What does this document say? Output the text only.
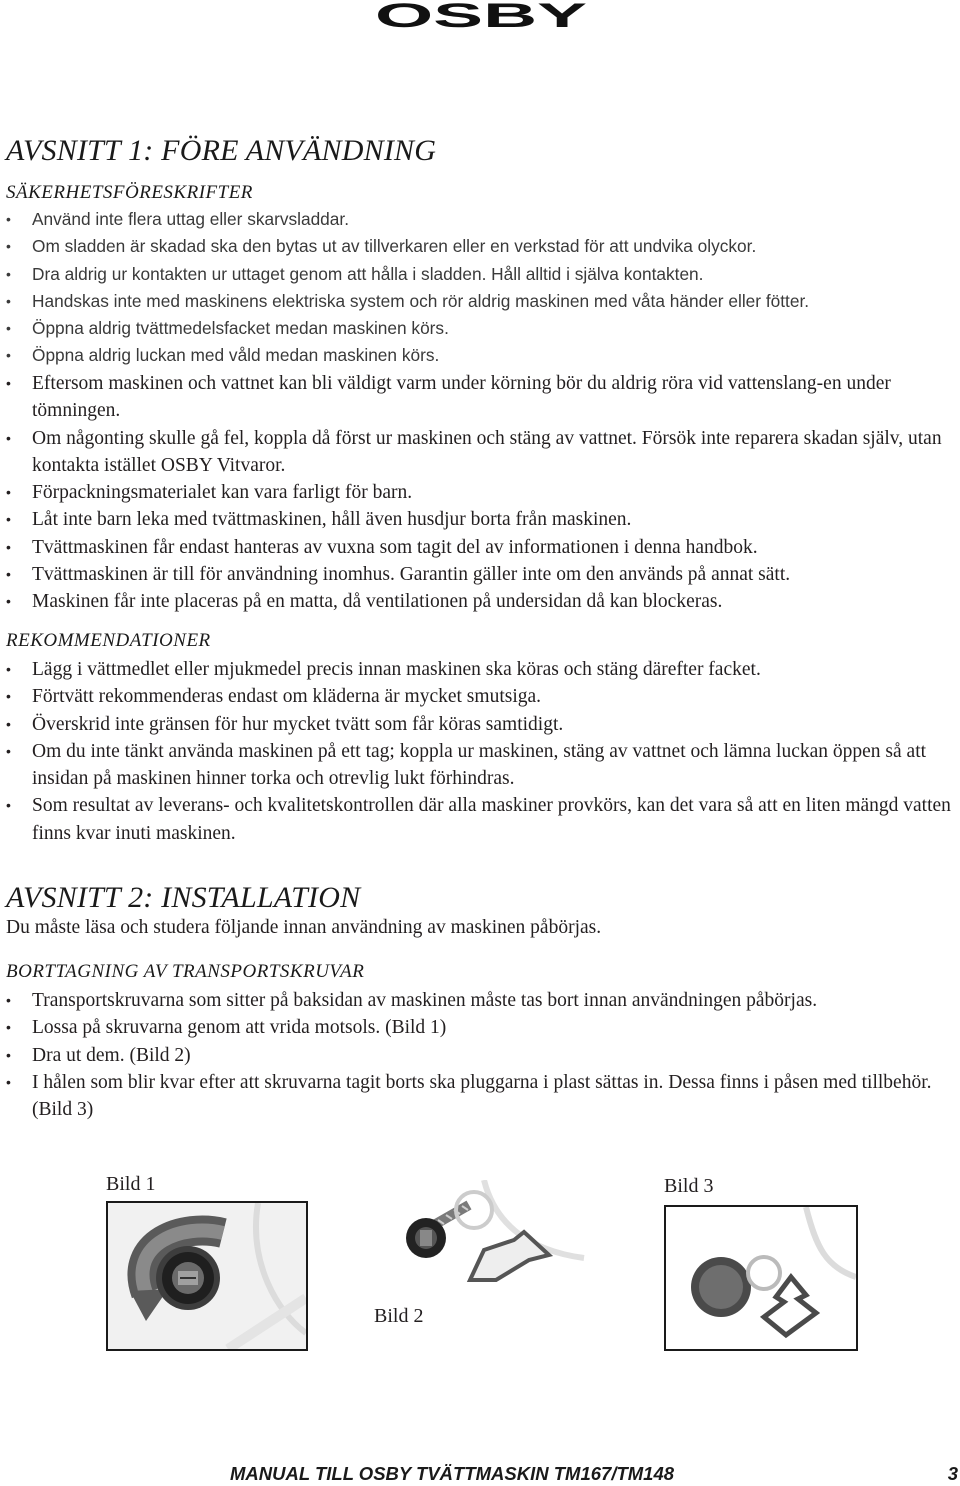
OSBY
AVSNITT 1: FÖRE ANVÄNDNING
SÄKERHETSFÖRESKRIFTER
• Använd inte flera uttag eller skarvsladdar.
• Om sladden är skadad ska den bytas ut av tillverkaren eller en verkstad för att undvika olyckor.
• Dra aldrig ur kontakten ur uttaget genom att hålla i sladden. Håll alltid i själva kontakten.
• Handskas inte med maskinens elektriska system och rör aldrig maskinen med våta händer eller fötter.
• Öppna aldrig tvättmedelsfacket medan maskinen körs.
• Öppna aldrig luckan med våld medan maskinen körs.
• Eftersom maskinen och vattnet kan bli väldigt varm under körning bör du aldrig röra vid vattenslang-en under tömningen.
• Om någonting skulle gå fel, koppla då först ur maskinen och stäng av vattnet. Försök inte reparera skadan själv, utan kontakta istället OSBY Vitvaror.
• Förpackningsmaterialet kan vara farligt för barn.
• Låt inte barn leka med tvättmaskinen, håll även husdjur borta från maskinen.
• Tvättmaskinen får endast hanteras av vuxna som tagit del av informationen i denna handbok.
• Tvättmaskinen är till för användning inomhus. Garantin gäller inte om den används på annat sätt.
• Maskinen får inte placeras på en matta, då ventilationen på undersidan då kan blockeras.
REKOMMENDATIONER
• Lägg i vättmedlet eller mjukmedel precis innan maskinen ska köras och stäng därefter facket.
• Förtvätt rekommenderas endast om kläderna är mycket smutsiga.
• Överskrid inte gränsen för hur mycket tvätt som får köras samtidigt.
• Om du inte tänkt använda maskinen på ett tag; koppla ur maskinen, stäng av vattnet och lämna luckan öppen så att insidan på maskinen hinner torka och otrevlig lukt förhindras.
• Som resultat av leverans- och kvalitetskontrollen där alla maskiner provkörs, kan det vara så att en liten mängd vatten finns kvar inuti maskinen.
AVSNITT 2: INSTALLATION

Du måste läsa och studera följande innan användning av maskinen påbörjas.

BORTTAGNING AV TRANSPORTSKRUVAR
• Transportskruvarna som sitter på baksidan av maskinen måste tas bort innan användningen påbörjas.
• Lossa på skruvarna genom att vrida motsols. (Bild 1)
• Dra ut dem. (Bild 2)
• I hålen som blir kvar efter att skruvarna tagit borts ska pluggarna i plast sättas in. Dessa finns i påsen med tillbehör. (Bild 3)
Bild 1	Bild 3
Bild 2
MANUAL TILL OSBY TVÄTTMASKIN TM167/TM148	3
